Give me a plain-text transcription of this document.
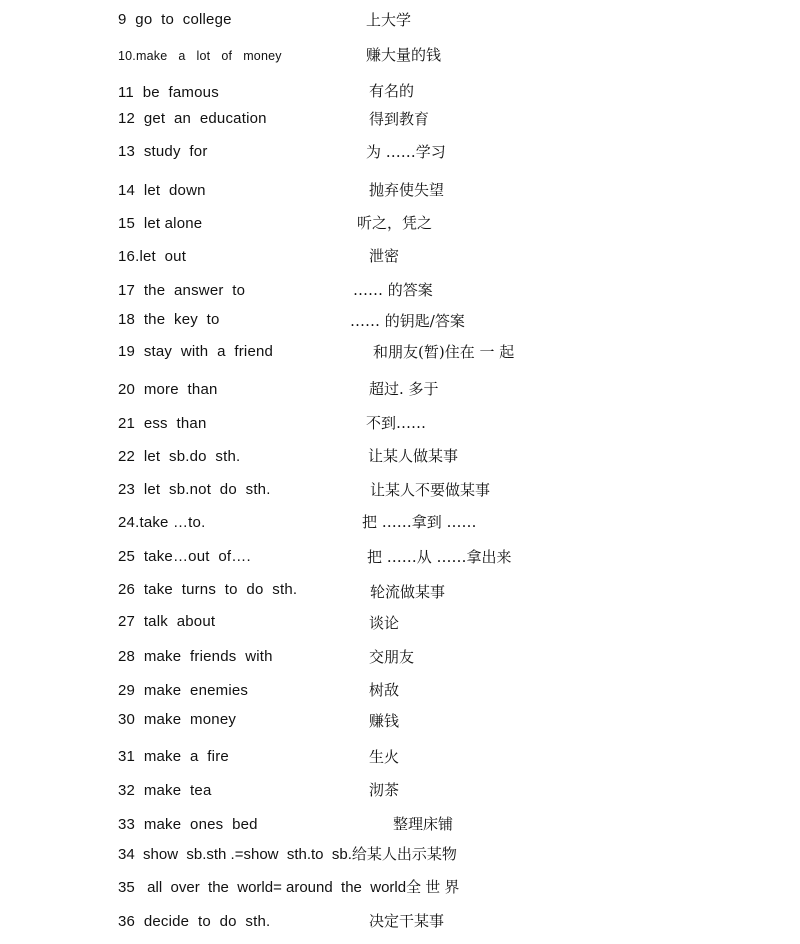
9  go  to  college	上大学
10.make   a   lot   of   money	赚大量的钱
11  be  famous	有名的
12  get  an  education	得到教育
13  study  for	为 ……学习
14  let  down	抛弃使失望
15  let alone	听之，凭之
16.let  out	泄密
17  the  answer  to	…… 的答案
18  the  key  to	…… 的钥匙/答案
19  stay  with  a  friend	和朋友(暂)住在 一 起
20  more  than	超过. 多于
21  ess  than	不到……
22  let  sb.do  sth.	让某人做某事
23  let  sb.not  do  sth.	让某人不要做某事
24.take …to.	把 ……拿到 ……
25  take…out  of….	把 ……从 ……拿出来
26  take  turns  to  do  sth.	轮流做某事
27  talk  about	谈论
28  make  friends  with	交朋友
29  make  enemies	树敌
30  make  money	赚钱
31  make  a  fire	生火
32  make  tea	沏茶
33  make  ones  bed	整理床铺
34  show  sb.sth .=show  sth.to  sb.给某人出示某物
35   all  over  the  world= around  the  world全 世 界
36  decide  to  do  sth.	决定干某事
